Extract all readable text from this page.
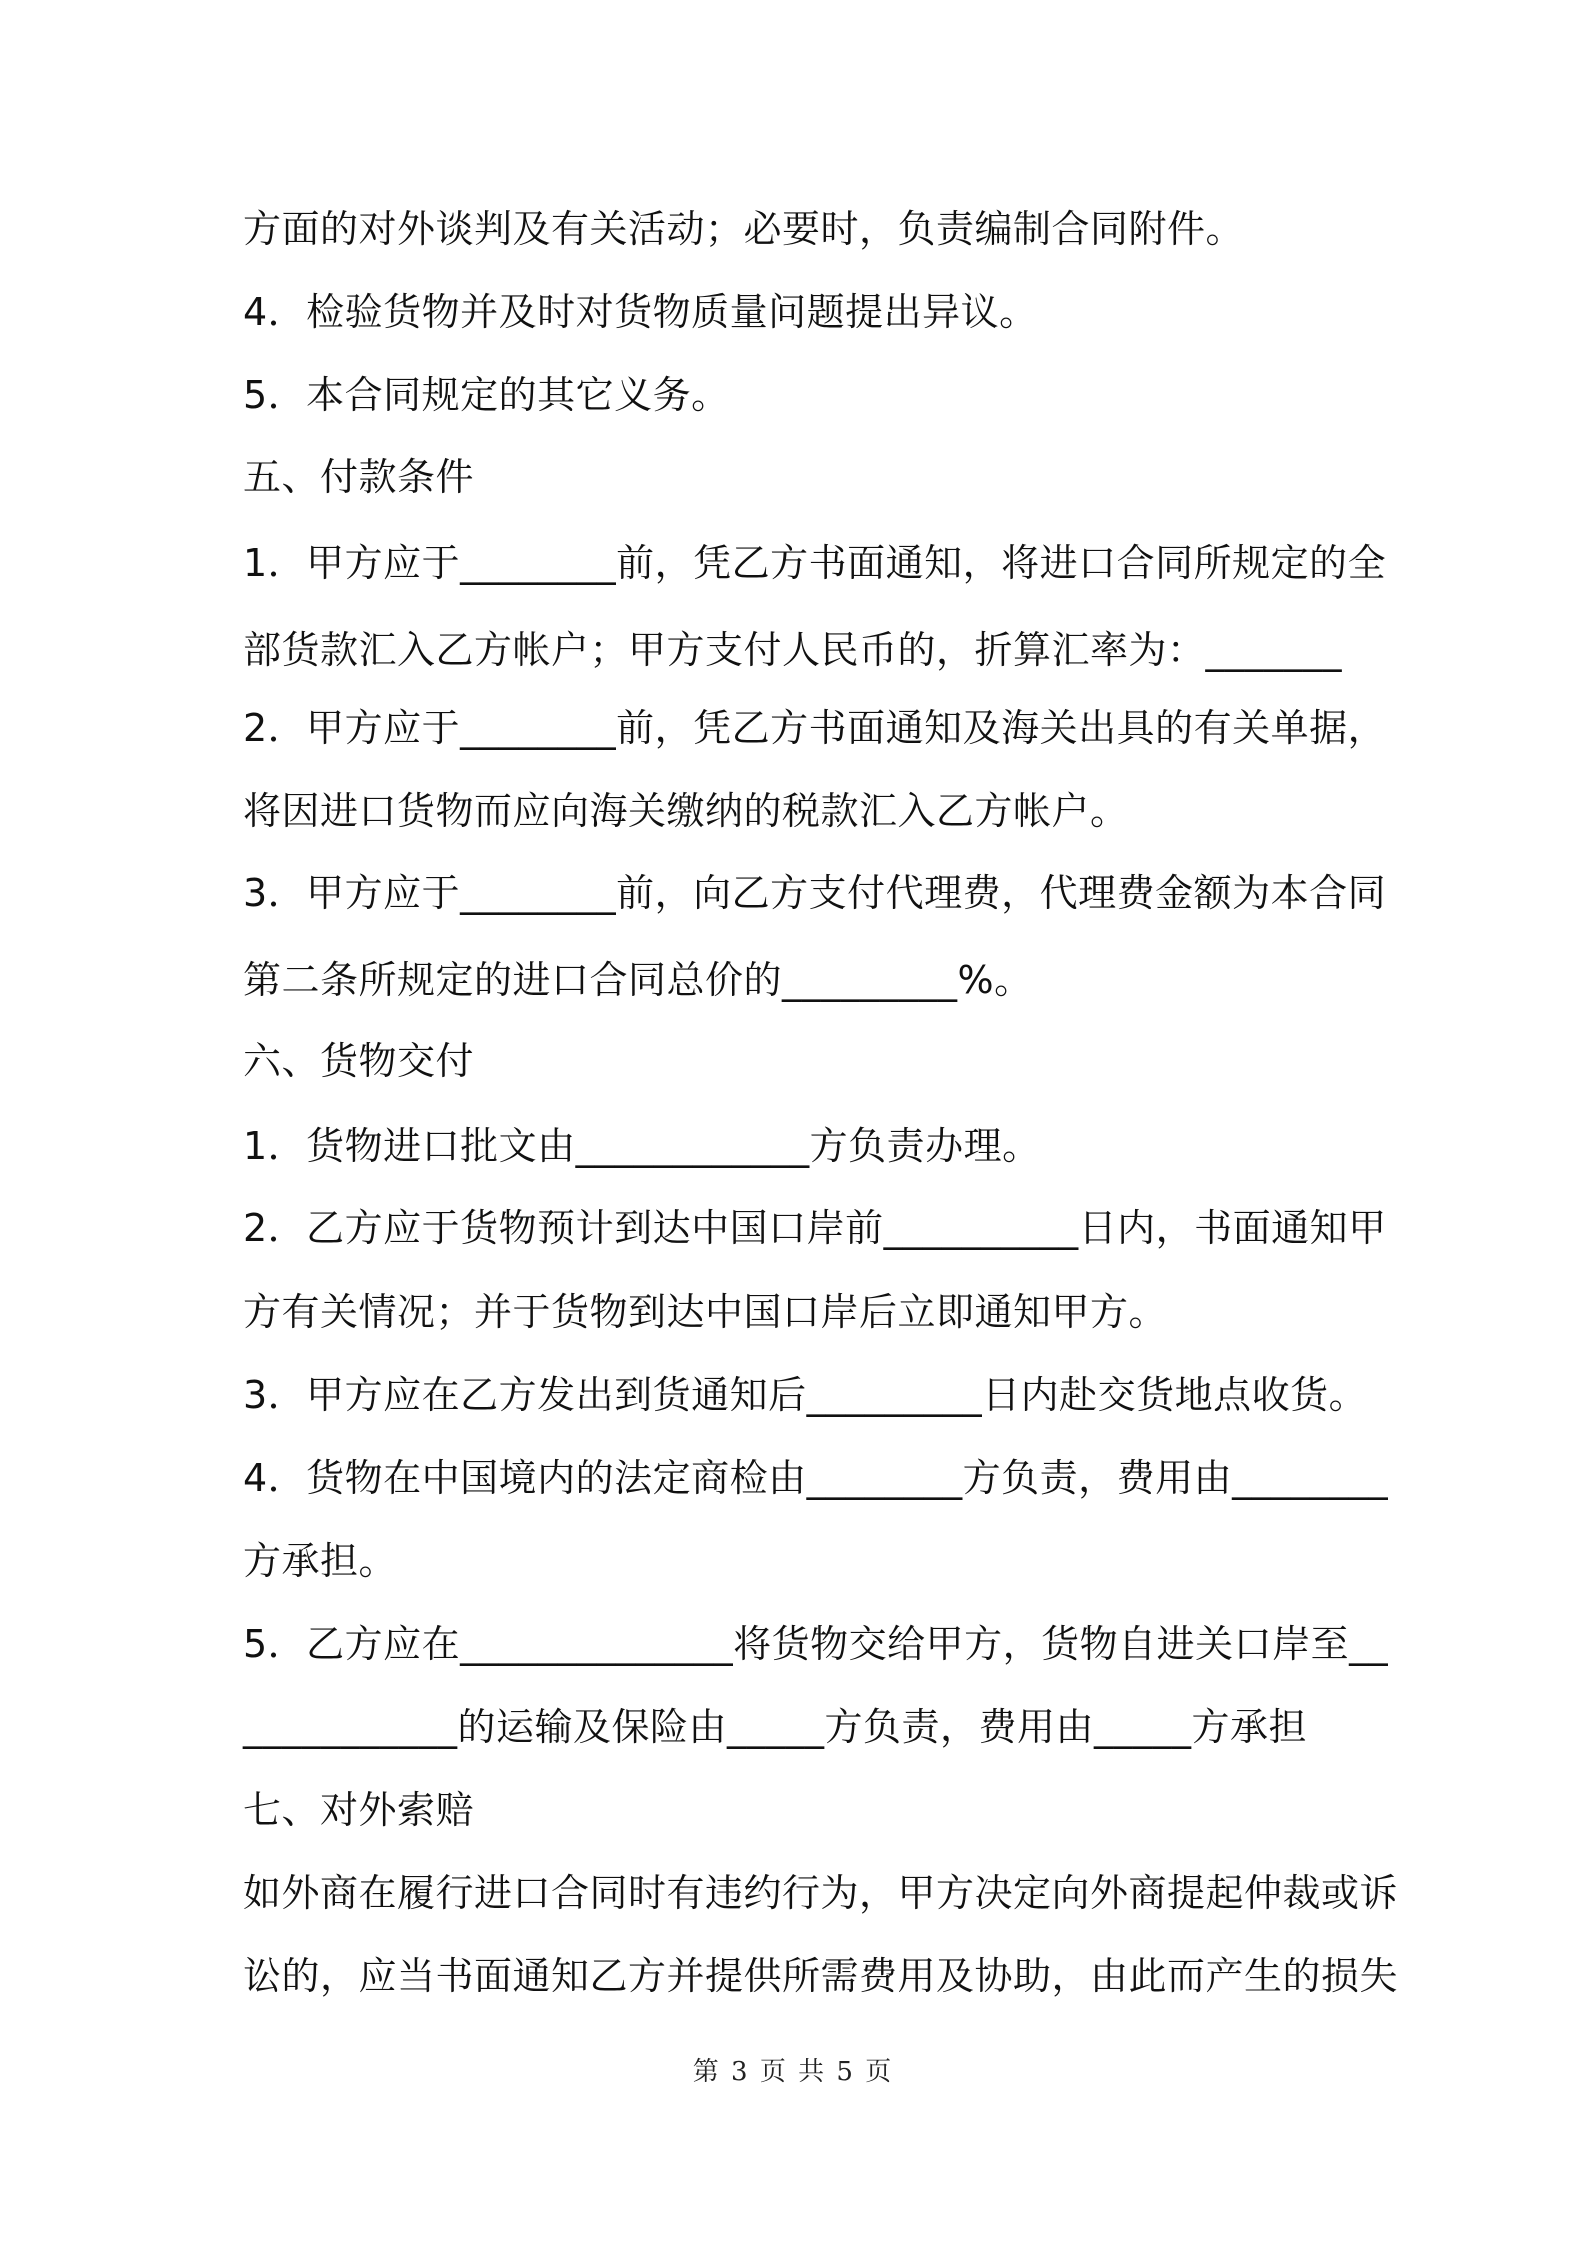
方面的对外谈判及有关活动；必要时，负责编制合同附件。
4．检验货物并及时对货物质量问题提出异议。
5．本合同规定的其它义务。
五、付款条件
1．甲方应于________前，凭乙方书面通知，将进口合同所规定的全
部货款汇入乙方帐户；甲方支付人民币的，折算汇率为：_______
2．甲方应于________前，凭乙方书面通知及海关出具的有关单据，
将因进口货物而应向海关缴纳的税款汇入乙方帐户。
3．甲方应于________前，向乙方支付代理费，代理费金额为本合同
第二条所规定的进口合同总价的_________%。
六、货物交付
1．货物进口批文由____________方负责办理。
2．乙方应于货物预计到达中国口岸前__________日内，书面通知甲
方有关情况；并于货物到达中国口岸后立即通知甲方。
3．甲方应在乙方发出到货通知后_________日内赴交货地点收货。
4．货物在中国境内的法定商检由________方负责，费用由________
方承担。
5．乙方应在______________将货物交给甲方，货物自进关口岸至__
___________的运输及保险由_____方负责，费用由_____方承担
七、对外索赔
如外商在履行进口合同时有违约行为，甲方决定向外商提起仲裁或诉
讼的，应当书面通知乙方并提供所需费用及协助，由此而产生的损失
第 3 页 共 5 页
